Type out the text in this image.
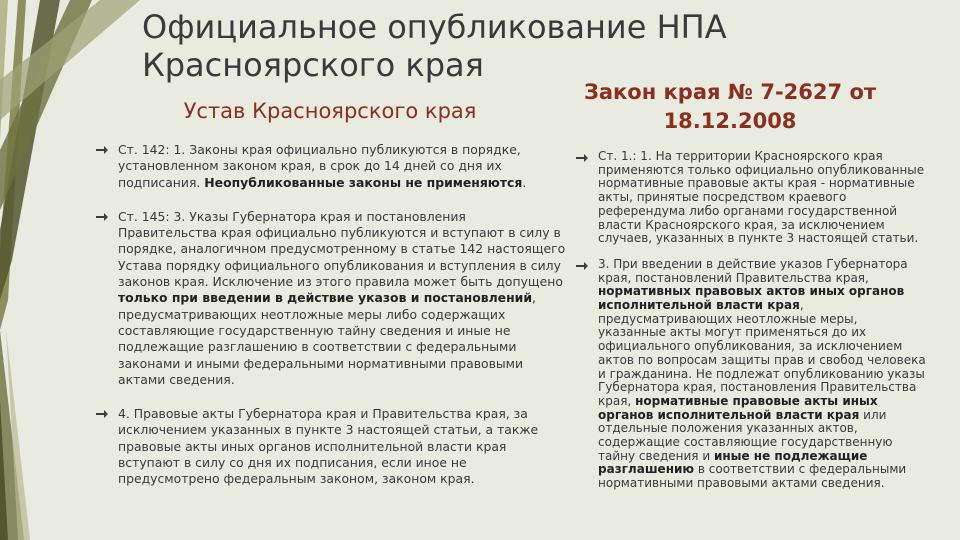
Официальное опубликование НПА Красноярского края
Устав Красноярского края
Закон края № 7-2627 от 18.12.2008
Ст. 142: 1. Законы края официально публикуются в порядке, установленном законом края, в срок до 14 дней со дня их подписания. Неопубликованные законы не применяются.
Ст. 145: 3. Указы Губернатора края и постановления Правительства края официально публикуются и вступают в силу в порядке, аналогичном предусмотренному в статье 142 настоящего Устава порядку официального опубликования и вступления в силу законов края. Исключение из этого правила может быть допущено только при введении в действие указов и постановлений, предусматривающих неотложные меры либо содержащих составляющие государственную тайну сведения и иные не подлежащие разглашению в соответствии с федеральными законами и иными федеральными нормативными правовыми актами сведения.
4. Правовые акты Губернатора края и Правительства края, за исключением указанных в пункте 3 настоящей статьи, а также правовые акты иных органов исполнительной власти края вступают в силу со дня их подписания, если иное не предусмотрено федеральным законом, законом края.
Ст. 1.: 1. На территории Красноярского края применяются только официально опубликованные нормативные правовые акты края - нормативные акты, принятые посредством краевого референдума либо органами государственной власти Красноярского края, за исключением случаев, указанных в пункте 3 настоящей статьи.
3. При введении в действие указов Губернатора края, постановлений Правительства края, нормативных правовых актов иных органов исполнительной власти края, предусматривающих неотложные меры, указанные акты могут применяться до их официального опубликования, за исключением актов по вопросам защиты прав и свобод человека и гражданина. Не подлежат опубликованию указы Губернатора края, постановления Правительства края, нормативные правовые акты иных органов исполнительной власти края или отдельные положения указанных актов, содержащие составляющие государственную тайну сведения и иные не подлежащие разглашению в соответствии с федеральными нормативными правовыми актами сведения.
